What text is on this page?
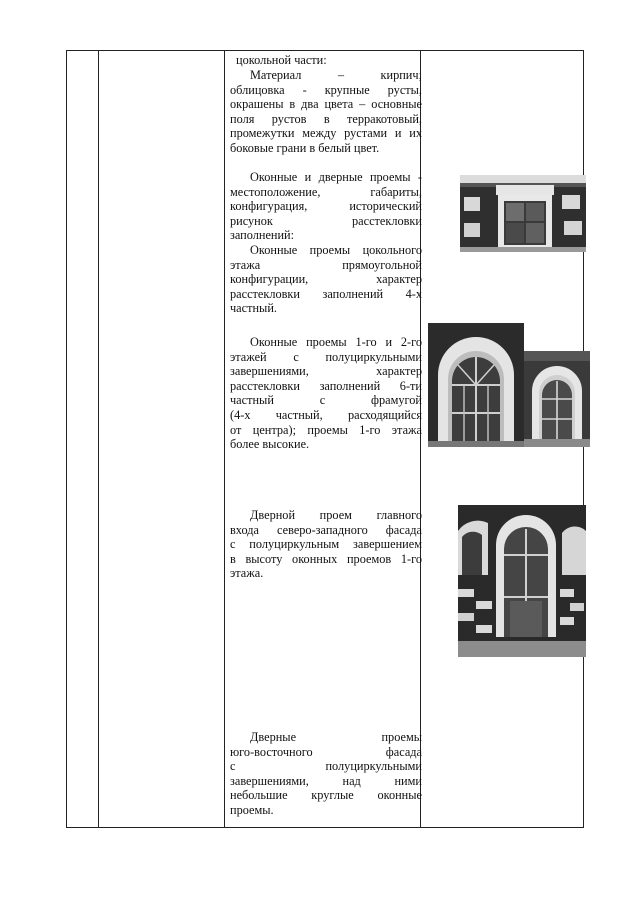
цокольной части:
Материал – кирпич;
облицовка - крупные русты,
окрашены в два цвета – основные
поля рустов в терракотовый,
промежутки между рустами и их
боковые грани в белый цвет.
Оконные и дверные проемы -
местоположение, габариты,
конфигурация, исторический
рисунок расстекловки
заполнений:
Оконные проемы цокольного
этажа прямоугольной
конфигурации, характер
расстекловки заполнений 4-х
частный.
Оконные проемы 1-го и 2-го
этажей с полуциркульными
завершениями, характер
расстекловки заполнений 6-ти
частный с фрамугой
(4-х частный, расходящийся
от центра); проемы 1-го этажа
более высокие.
Дверной проем главного
входа северо-западного фасада
с полуциркульным завершением
в высоту оконных проемов 1-го
этажа.
Дверные проемы
юго-восточного фасада
с полуциркульными
завершениями, над ними
небольшие круглые оконные
проемы.
